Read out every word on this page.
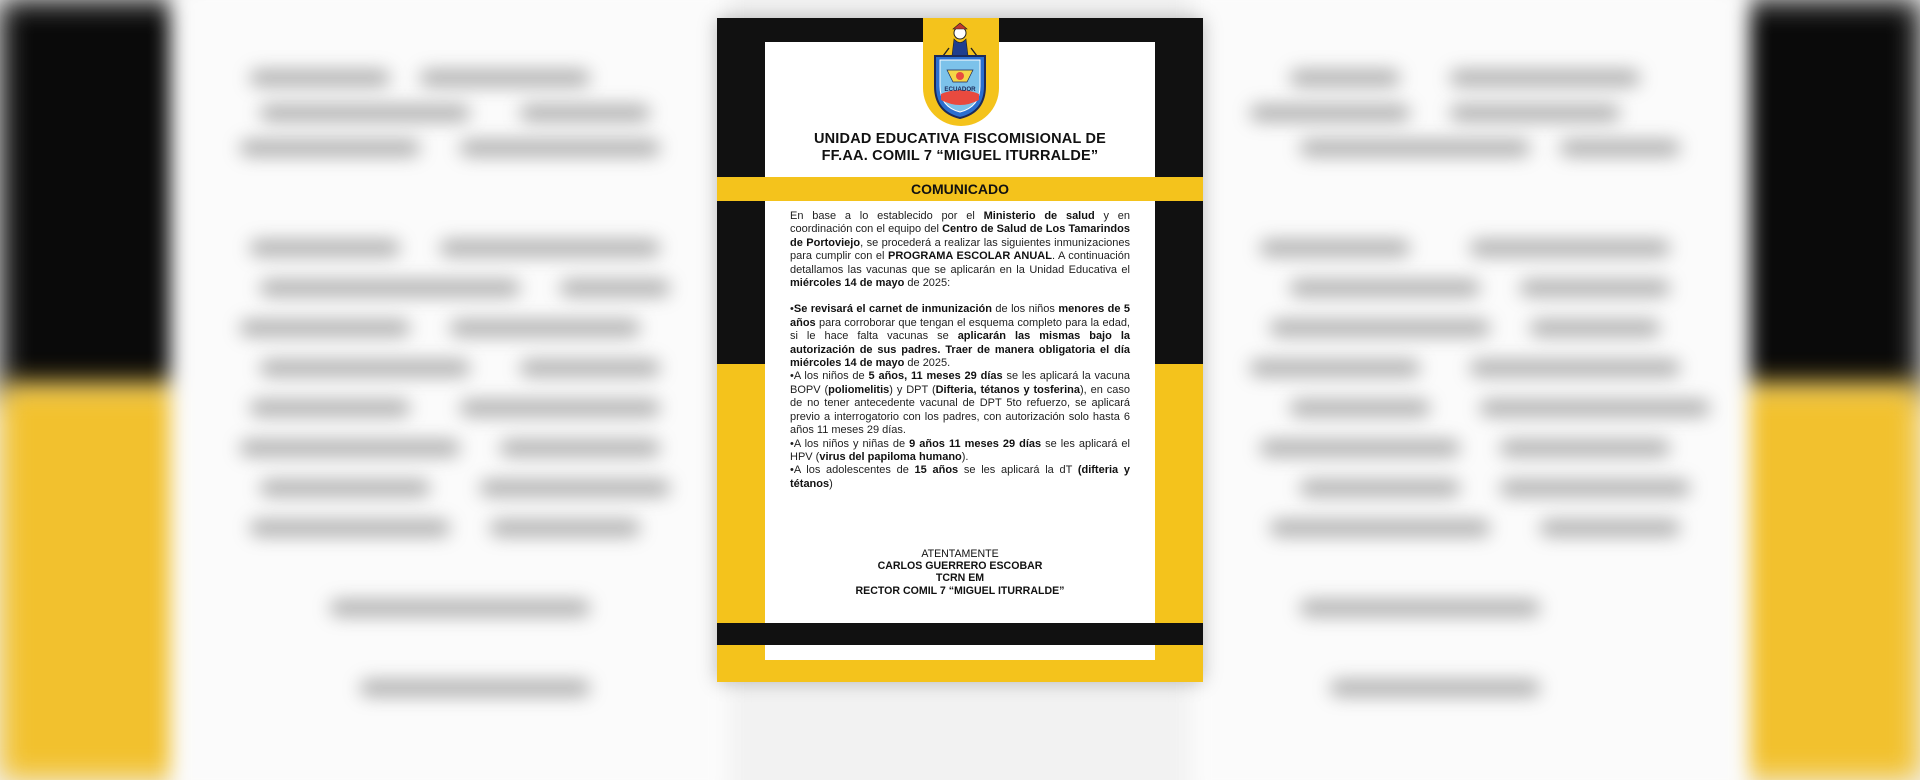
ECUADOR
UNIDAD EDUCATIVA FISCOMISIONAL DE
FF.AA. COMIL 7 “MIGUEL ITURRALDE”
COMUNICADO

En base a lo establecido por el Ministerio de salud y en coordinación con el equipo del Centro de Salud de Los Tamarindos de Portoviejo, se procederá a realizar las siguientes inmunizaciones para cumplir con el PROGRAMA ESCOLAR ANUAL. A continuación detallamos las vacunas que se aplicarán en la Unidad Educativa el miércoles 14 de mayo de 2025:

•Se revisará el carnet de inmunización de los niños menores de 5 años para corroborar que tengan el esquema completo para la edad, si le hace falta vacunas se aplicarán las mismas bajo la autorización de sus padres. Traer de manera obligatoria el día miércoles 14 de mayo de 2025.

•A los niños de 5 años, 11 meses 29 días se les aplicará la vacuna BOPV (poliomelitis) y DPT (Difteria, tétanos y tosferina), en caso de no tener antecedente vacunal de DPT 5to refuerzo, se aplicará previo a interrogatorio con los padres, con autorización solo hasta 6 años 11 meses 29 días.

•A los niños y niñas de 9 años 11 meses 29 días se les aplicará el HPV (virus del papiloma humano).

•A los adolescentes de 15 años se les aplicará la dT (difteria y tétanos)

ATENTAMENTE
CARLOS GUERRERO ESCOBAR
TCRN EM
RECTOR COMIL 7 “MIGUEL ITURRALDE”
